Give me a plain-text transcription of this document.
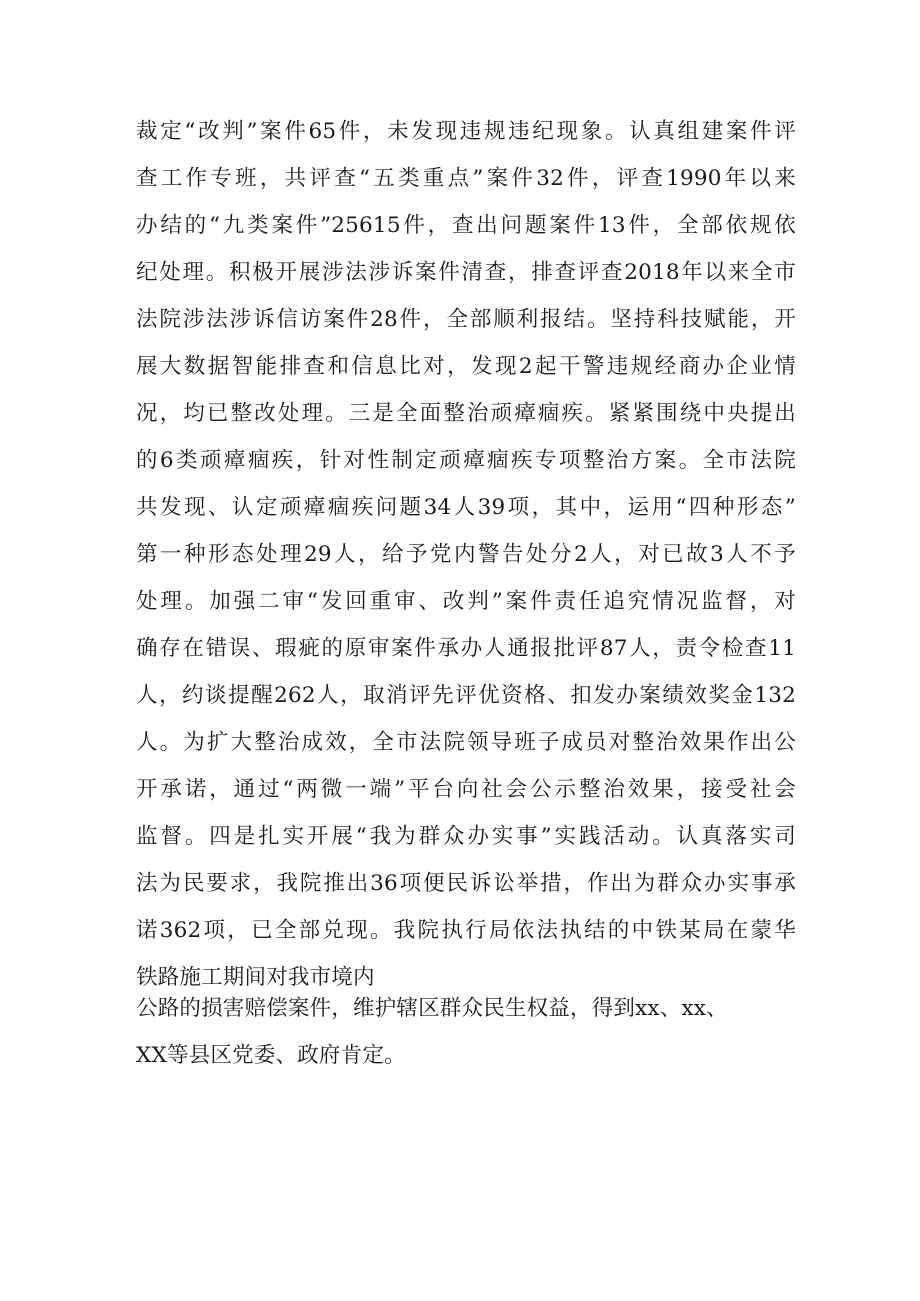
裁定“改判”案件65件，未发现违规违纪现象。认真组建案件评
查工作专班，共评查“五类重点”案件32件，评查1990年以来
办结的“九类案件”25615件，查出问题案件13件，全部依规依
纪处理。积极开展涉法涉诉案件清查，排查评查2018年以来全市
法院涉法涉诉信访案件28件，全部顺利报结。坚持科技赋能，开
展大数据智能排查和信息比对，发现2起干警违规经商办企业情
况，均已整改处理。三是全面整治顽瘴痼疾。紧紧围绕中央提出
的6类顽瘴痼疾，针对性制定顽瘴痼疾专项整治方案。全市法院
共发现、认定顽瘴痼疾问题34人39项，其中，运用“四种形态”
第一种形态处理29人，给予党内警告处分2人，对已故3人不予
处理。加强二审“发回重审、改判”案件责任追究情况监督，对
确存在错误、瑕疵的原审案件承办人通报批评87人，责令检查11
人，约谈提醒262人，取消评先评优资格、扣发办案绩效奖金132
人。为扩大整治成效，全市法院领导班子成员对整治效果作出公
开承诺，通过“两微一端”平台向社会公示整治效果，接受社会
监督。四是扎实开展“我为群众办实事”实践活动。认真落实司
法为民要求，我院推出36项便民诉讼举措，作出为群众办实事承
诺362项，已全部兑现。我院执行局依法执结的中铁某局在蒙华
铁路施工期间对我市境内
公路的损害赔偿案件，维护辖区群众民生权益，得到xx、xx、
XX等县区党委、政府肯定。
